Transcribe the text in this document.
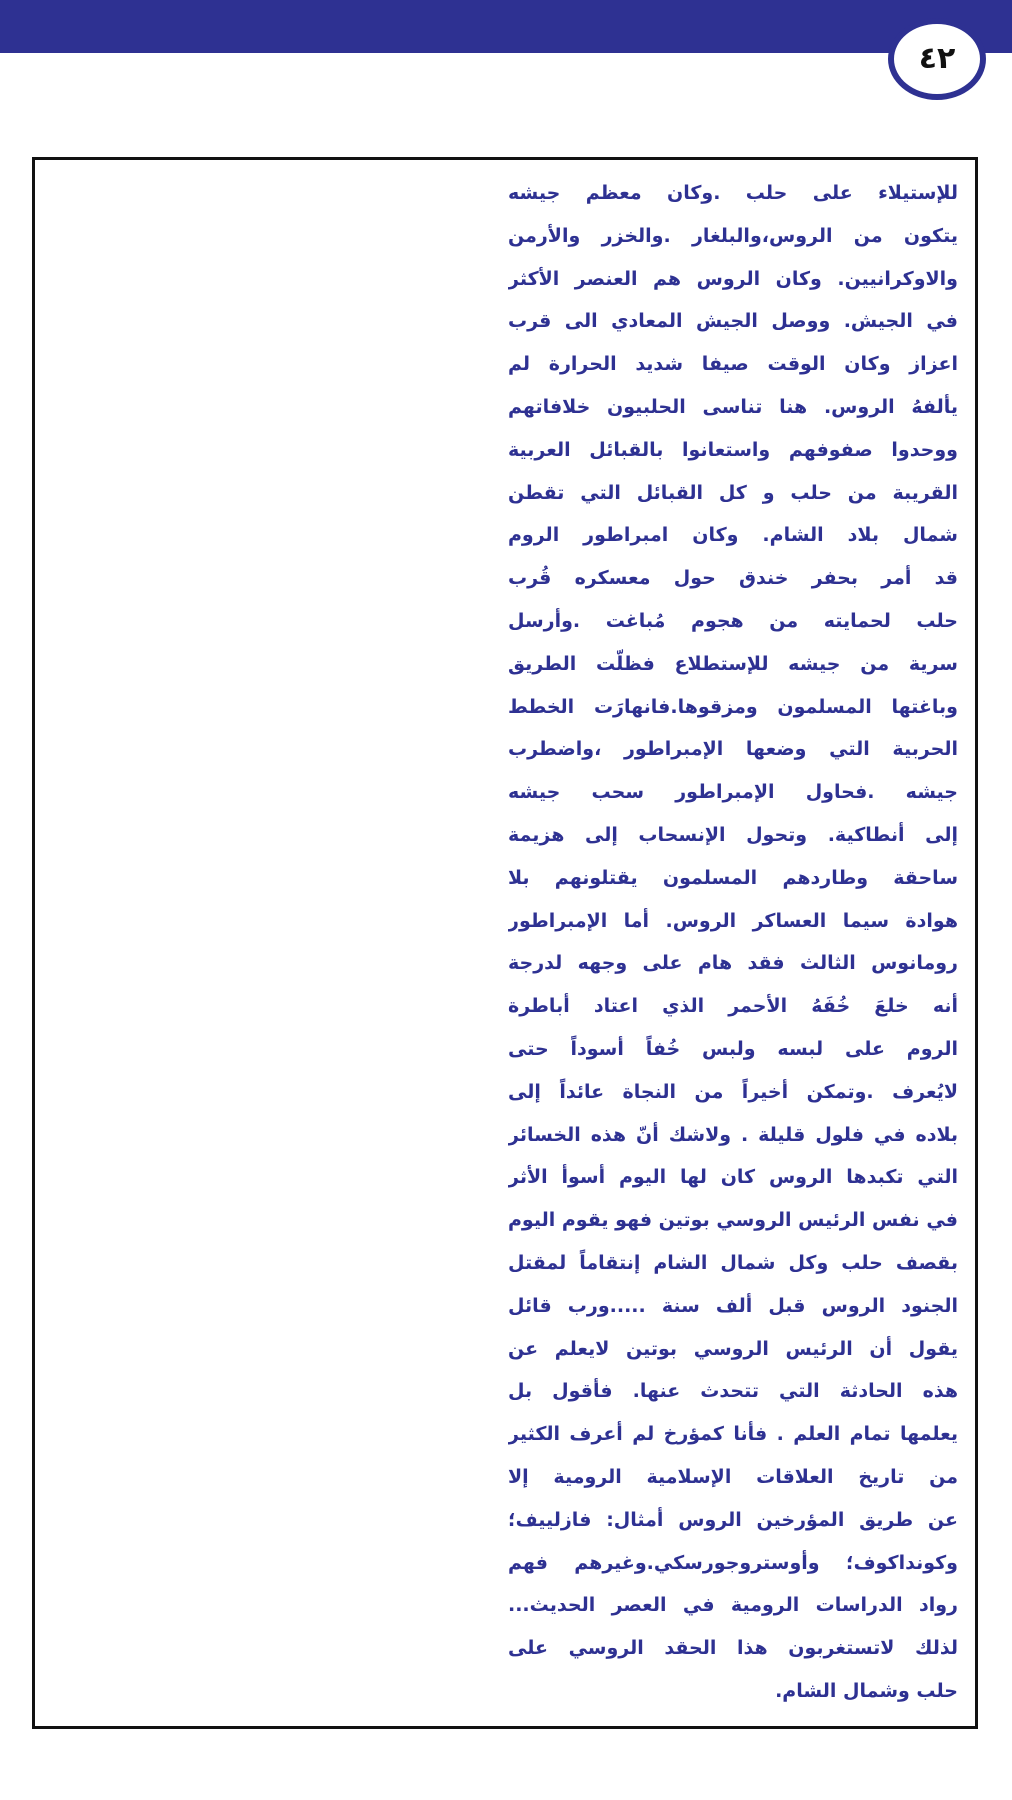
٤٢
للإستيلاء على حلب .وكان معظم جيشه
يتكون من الروس،والبلغار .والخزر والأرمن
والاوكرانيين. وكان الروس هم العنصر الأكثر
في الجيش. ووصل الجيش المعادي الى قرب
اعزاز وكان الوقت صيفا شديد الحرارة لم
يألفهُ الروس. هنا تناسى الحلبيون خلافاتهم
ووحدوا صفوفهم واستعانوا بالقبائل العربية
القريبة من حلب و كل القبائل التي تقطن
شمال بلاد الشام. وكان امبراطور الروم
قد أمر بحفر خندق حول معسكره قُرب
حلب لحمايته من هجوم مُباغت .وأرسل
سرية من جيشه للإستطلاع فظلّت الطريق
وباغتها المسلمون ومزقوها.فانهارَت الخطط
الحربية التي وضعها الإمبراطور ،واضطرب
جيشه .فحاول الإمبراطور سحب جيشه
إلى أنطاكية. وتحول الإنسحاب إلى هزيمة
ساحقة وطاردهم المسلمون يقتلونهم بلا
هوادة سيما العساكر الروس. أما الإمبراطور
رومانوس الثالث فقد هام على وجهه لدرجة
أنه خلعَ خُفَهُ الأحمر الذي اعتاد أباطرة
الروم على لبسه ولبس خُفاً أسوداً حتى
لايُعرف .وتمكن أخيراً من النجاة عائداً إلى
بلاده في فلول قليلة . ولاشك أنّ هذه الخسائر
التي تكبدها الروس كان لها اليوم أسوأ الأثر
في نفس الرئيس الروسي بوتين فهو يقوم اليوم
بقصف حلب وكل شمال الشام إنتقاماً لمقتل
الجنود الروس قبل ألف سنة .....ورب قائل
يقول أن الرئيس الروسي بوتين لايعلم عن
هذه الحادثة التي تتحدث عنها. فأقول بل
يعلمها تمام العلم . فأنا كمؤرخ لم أعرف الكثير
من تاريخ العلاقات الإسلامية الرومية إلا
عن طريق المؤرخين الروس أمثال: فازلييف؛
وكونداكوف؛ وأوستروجورسكي.وغيرهم فهم
رواد الدراسات الرومية في العصر الحديث...
لذلك لاتستغربون هذا الحقد الروسي على
حلب وشمال الشام.
